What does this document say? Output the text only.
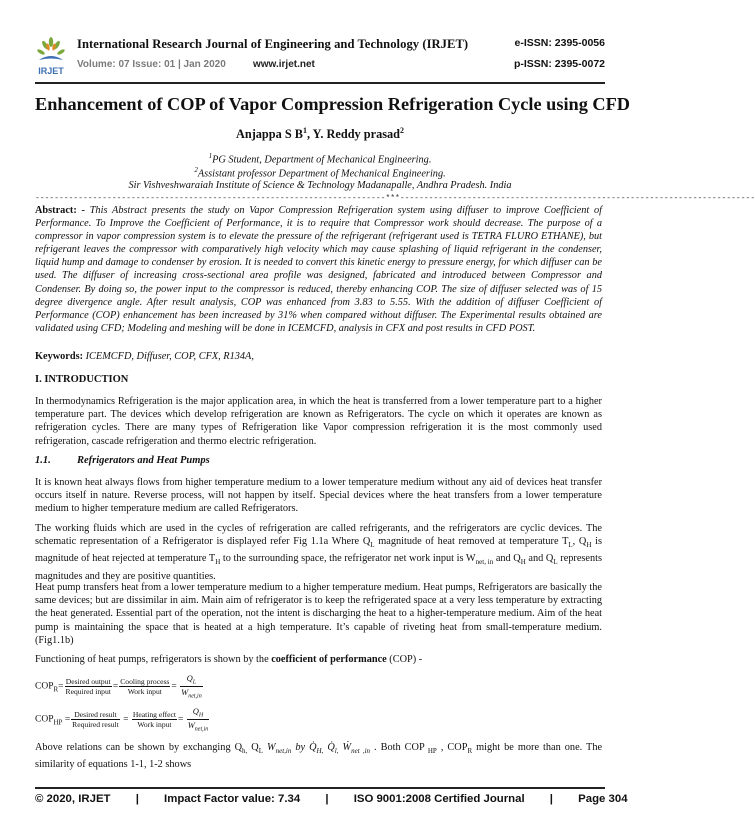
IRJET
International Research Journal of Engineering and Technology (IRJET)	e-ISSN: 2395-0056
Volume: 07 Issue: 01 | Jan 2020	www.irjet.net	p-ISSN: 2395-0072
Enhancement of COP of Vapor Compression Refrigeration Cycle using CFD
Anjappa S $B^1$, Y. Reddy prasad$^2$
$^1$PG Student, Department of Mechanical Engineering.
$^2$Assistant professor Department of Mechanical Engineering.
Sir Vishveshwaraiah Institute of Science & Technology Madanapalle, Andhra Pradesh. India
-------------------------------------------------------------------------***--------------------------------------------------------------------------
Abstract: - This Abstract presents the study on Vapor Compression Refrigeration system using diffuser to improve Coefficient of Performance. To Improve the Coefficient of Performance, it is to require that Compressor work should decrease. The purpose of a compressor in vapor compression system is to elevate the pressure of the refrigerant (refrigerant used is TETRA FLURO ETHANE), but refrigerant leaves the compressor with comparatively high velocity which may cause splashing of liquid refrigerant in the condenser, liquid hump and damage to condenser by erosion. It is needed to convert this kinetic energy to pressure energy, for which diffuser can be used. The diffuser of increasing cross-sectional area profile was designed, fabricated and introduced between Compressor and Condenser. By doing so, the power input to the compressor is reduced, thereby enhancing COP. The size of diffuser selected was of 15 degree divergence angle. After result analysis, COP was enhanced from 3.83 to 5.55. With the addition of diffuser Coefficient of Performance (COP) enhancement has been increased by 31% when compared without diffuser. The Experimental results obtained are validated using CFD; Modeling and meshing will be done in ICEMCFD, analysis in CFX and post results in CFD POST.
Keywords: ICEMCFD, Diffuser, COP, CFX, R134A,
I. INTRODUCTION
In thermodynamics Refrigeration is the major application area, in which the heat is transferred from a lower temperature part to a higher temperature part. The devices which develop refrigeration are known as Refrigerators. The cycle on which it operates are known as refrigeration cycles. There are many types of Refrigeration like Vapor compression refrigeration it is the most commonly used refrigeration, cascade refrigeration and thermo electric refrigeration.
1.1.	Refrigerators and Heat Pumps
It is known heat always flows from higher temperature medium to a lower temperature medium without any aid of devices heat transfer occurs itself in nature. Reverse process, will not happen by itself. Special devices where the heat transfers from a lower temperature medium to higher temperature medium are called Refrigerators.
The working fluids which are used in the cycles of refrigeration are called refrigerants, and the refrigerators are cyclic devices. The schematic representation of a Refrigerator is displayed refer Fig 1.1a Where $Q_L$ magnitude of heat removed at temperature $T_L$, $Q_H$ is magnitude of heat rejected at temperature $T_H$ to the surrounding space, the refrigerator net work input is $W_{net, in}$ and $Q_H$ and $Q_L$ represents magnitudes and they are positive quantities.
Heat pump transfers heat from a lower temperature medium to a higher temperature medium. Heat pumps, Refrigerators are basically the same devices; but are dissimilar in aim. Main aim of refrigerator is to keep the refrigerated space at a very less temperature by extracting the heat generated. Essential part of the operation, not the intent is discharging the heat to a higher-temperature medium. Aim of the heat pump is maintaining the space that is heated at a high temperature. It’s capable of riveting heat from small-temperature medium. (Fig1.1b)
Functioning of heat pumps, refrigerators is shown by the coefficient of performance (COP) -
$COP_R= \frac{\text{Desired output}}{\text{Required input}} = \frac{\text{Cooling process}}{\text{Work input}} = \frac{Q_L}{W_{net,in}}$
$COP_{HP} = \frac{\text{Desired result}}{\text{Required result}} = \frac{\text{Heating effect}}{\text{Work input}} = \frac{Q_H}{W_{net,in}}$
Above relations can be shown by exchanging $Q_{h,}$ $Q_L$ $W_{net,in}$ by $Q̇_{H,}$ $Q̇_{l,}$ $Ẇ_{net ,in}$ . Both COP $_{HP}$ , $COP_R$ might be more than one. The similarity of equations 1-1, 1-2 shows
© 2020, IRJET | Impact Factor value: 7.34 | ISO 9001:2008 Certified Journal | Page 304
